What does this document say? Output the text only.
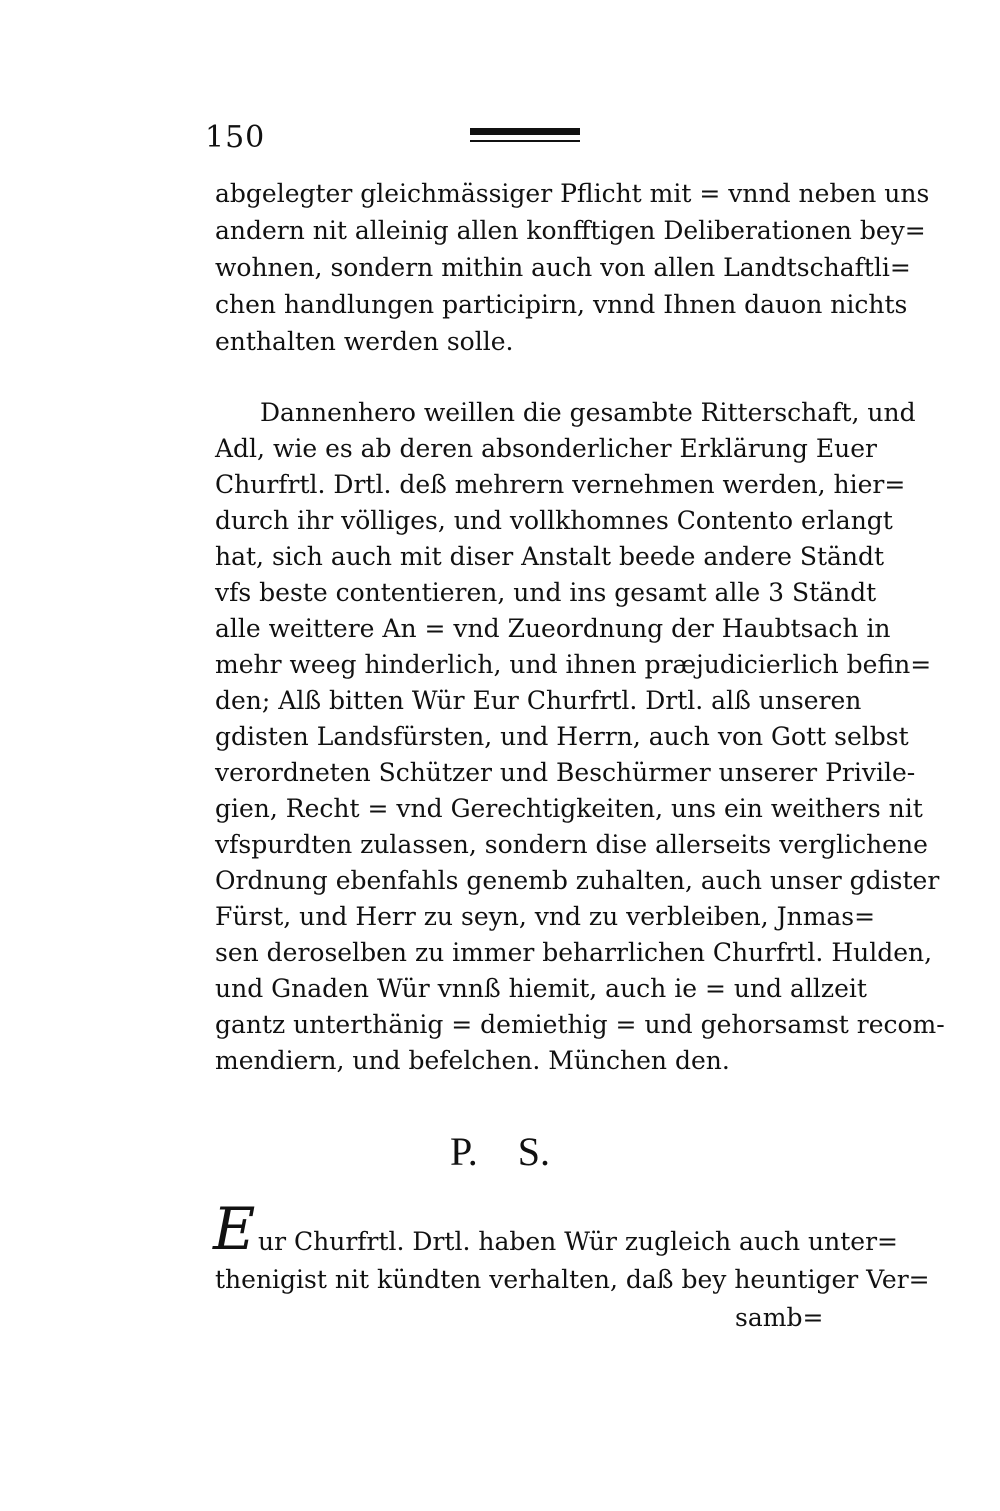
150
abgelegter gleichmässiger Pflicht mit = vnnd neben uns
andern nit alleinig allen konfftigen Deliberationen bey=
wohnen, sondern mithin auch von allen Landtschaftli=
chen handlungen participirn, vnnd Ihnen dauon nichts
enthalten werden solle.
Dannenhero weillen die gesambte Ritterschaft, und
Adl, wie es ab deren absonderlicher Erklärung Euer
Churfrtl. Drtl. deß mehrern vernehmen werden, hier=
durch ihr völliges, und vollkhomnes Contento erlangt
hat, sich auch mit diser Anstalt beede andere Ständt
vfs beste contentieren, und ins gesamt alle 3 Ständt
alle weittere An = vnd Zueordnung der Haubtsach in
mehr weeg hinderlich, und ihnen præjudicierlich befin=
den; Alß bitten Wür Eur Churfrtl. Drtl. alß unseren
gdisten Landsfürsten, und Herrn, auch von Gott selbst
verordneten Schützer und Beschürmer unserer Privile-
gien, Recht = vnd Gerechtigkeiten, uns ein weithers nit
vfspurdten zulassen, sondern dise allerseits verglichene
Ordnung ebenfahls genemb zuhalten, auch unser gdister
Fürst, und Herr zu seyn, vnd zu verbleiben, Jnmas=
sen deroselben zu immer beharrlichen Churfrtl. Hulden,
und Gnaden Wür vnnß hiemit, auch ie = und allzeit
gantz unterthänig = demiethig = und gehorsamst recom-
mendiern, und befelchen. München den.
P. S.
E ur Churfrtl. Drtl. haben Wür zugleich auch unter=
thenigist nit kündten verhalten, daß bey heuntiger Ver=
samb=
